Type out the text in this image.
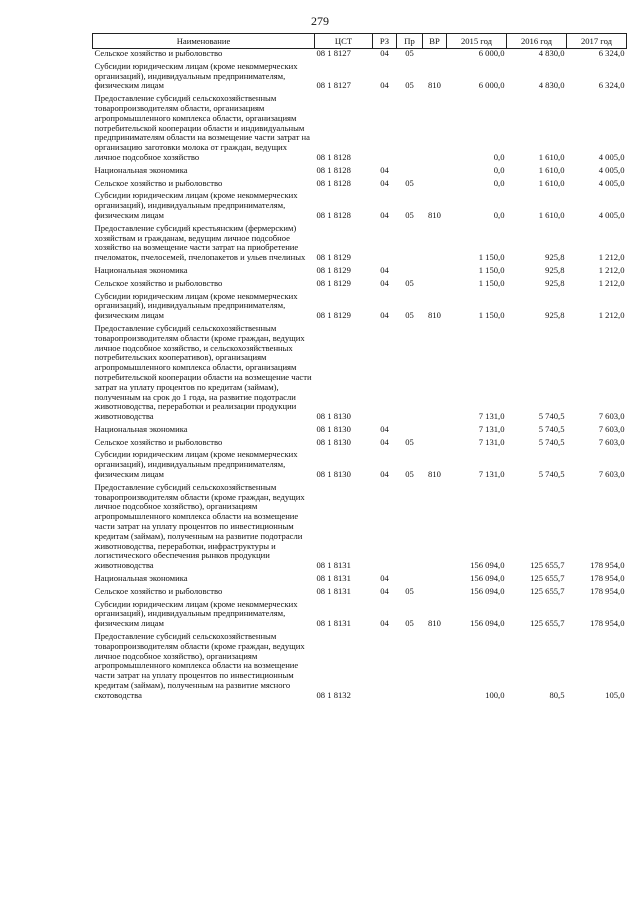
279
Наименование	ЦСТ	РЗ	Пр	ВР	2015 год	2016 год	2017 год
Сельское хозяйство и рыболовство	08 1 8127	04	05		6 000,0	4 830,0	6 324,0
Субсидии юридическим лицам (кроме некоммерческих организаций), индивидуальным предпринимателям, физическим лицам	08 1 8127	04	05	810	6 000,0	4 830,0	6 324,0
Предоставление субсидий сельскохозяйственным товаропроизводителям области, организациям агропромышленного комплекса области, организациям потребительской кооперации области и индивидуальным предпринимателям области на возмещение части затрат на организацию заготовки молока от граждан, ведущих личное подсобное хозяйство	08 1 8128				0,0	1 610,0	4 005,0
Национальная экономика	08 1 8128	04			0,0	1 610,0	4 005,0
Сельское хозяйство и рыболовство	08 1 8128	04	05		0,0	1 610,0	4 005,0
Субсидии юридическим лицам (кроме некоммерческих организаций), индивидуальным предпринимателям, физическим лицам	08 1 8128	04	05	810	0,0	1 610,0	4 005,0
Предоставление субсидий крестьянским (фермерским) хозяйствам и гражданам, ведущим личное подсобное хозяйство на возмещение части затрат на приобретение пчеломаток, пчелосемей, пчелопакетов и ульев пчелиных	08 1 8129				1 150,0	925,8	1 212,0
Национальная экономика	08 1 8129	04			1 150,0	925,8	1 212,0
Сельское хозяйство и рыболовство	08 1 8129	04	05		1 150,0	925,8	1 212,0
Субсидии юридическим лицам (кроме некоммерческих организаций), индивидуальным предпринимателям, физическим лицам	08 1 8129	04	05	810	1 150,0	925,8	1 212,0
Предоставление субсидий сельскохозяйственным товаропроизводителям области (кроме граждан, ведущих личное подсобное хозяйство, и сельскохозяйственных потребительских кооперативов), организациям агропромышленного комплекса области, организациям потребительской кооперации области на возмещение части затрат на уплату процентов по кредитам (займам), полученным на срок до 1 года, на развитие подотрасли животноводства, переработки и реализации продукции животноводства	08 1 8130				7 131,0	5 740,5	7 603,0
Национальная экономика	08 1 8130	04			7 131,0	5 740,5	7 603,0
Сельское хозяйство и рыболовство	08 1 8130	04	05		7 131,0	5 740,5	7 603,0
Субсидии юридическим лицам (кроме некоммерческих организаций), индивидуальным предпринимателям, физическим лицам	08 1 8130	04	05	810	7 131,0	5 740,5	7 603,0
Предоставление субсидий сельскохозяйственным товаропроизводителям области (кроме граждан, ведущих личное подсобное хозяйство), организациям агропромышленного комплекса области на возмещение части затрат на уплату процентов по инвестиционным кредитам (займам), полученным на развитие подотрасли животноводства, переработки, инфраструктуры и логистического обеспечения рынков продукции животноводства	08 1 8131				156 094,0	125 655,7	178 954,0
Национальная экономика	08 1 8131	04			156 094,0	125 655,7	178 954,0
Сельское хозяйство и рыболовство	08 1 8131	04	05		156 094,0	125 655,7	178 954,0
Субсидии юридическим лицам (кроме некоммерческих организаций), индивидуальным предпринимателям, физическим лицам	08 1 8131	04	05	810	156 094,0	125 655,7	178 954,0
Предоставление субсидий сельскохозяйственным товаропроизводителям области (кроме граждан, ведущих личное подсобное хозяйство), организациям агропромышленного комплекса области на возмещение части затрат на уплату процентов по инвестиционным кредитам (займам), полученным на развитие мясного скотоводства	08 1 8132				100,0	80,5	105,0
